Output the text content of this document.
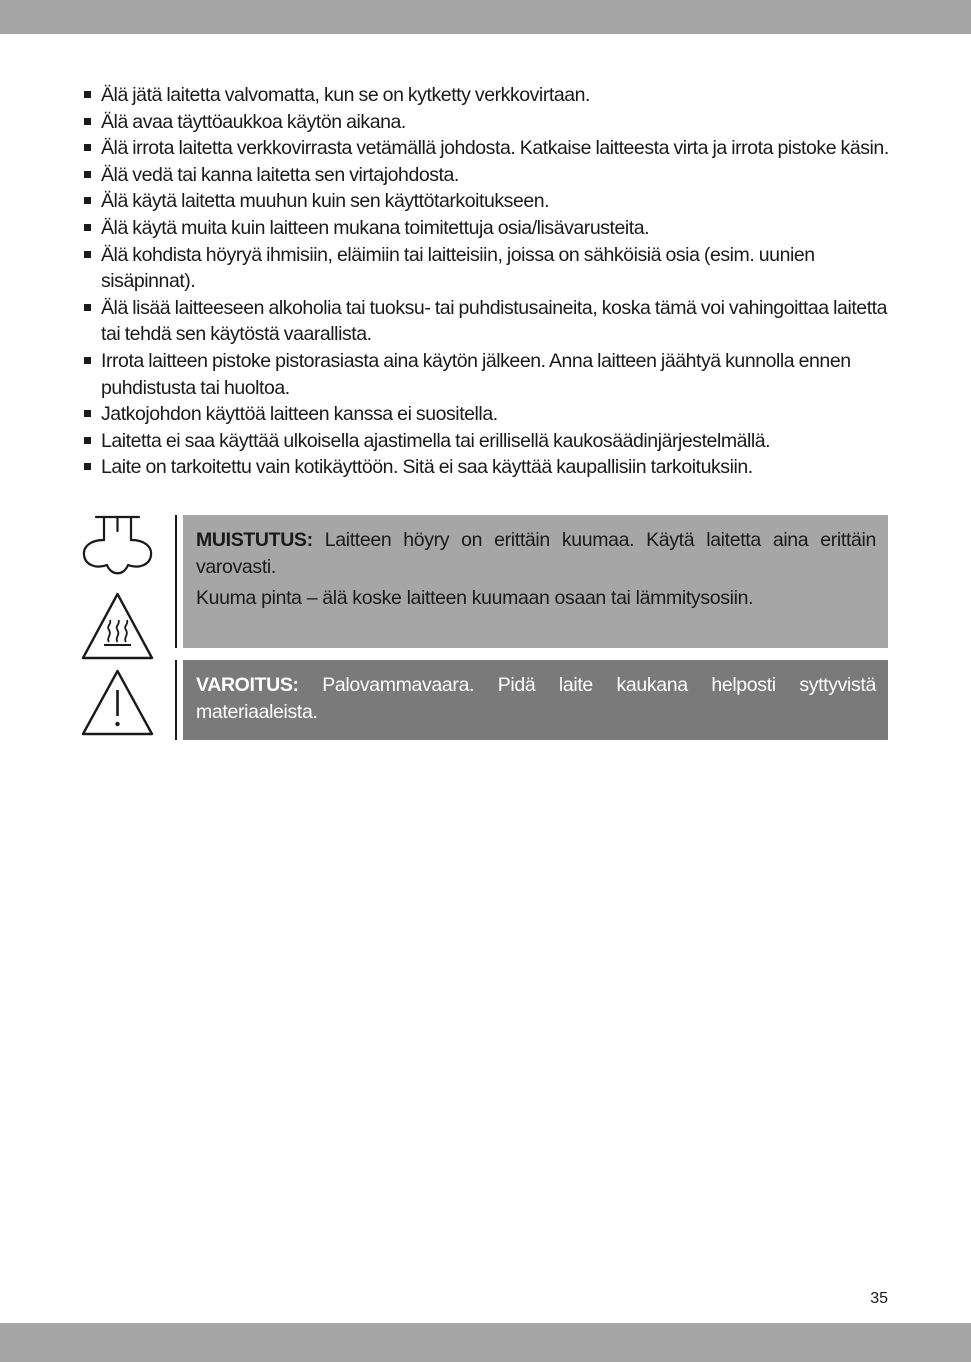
Älä jätä laitetta valvomatta, kun se on kytketty verkkovirtaan.
Älä avaa täyttöaukkoa käytön aikana.
Älä irrota laitetta verkkovirrasta vetämällä johdosta. Katkaise laitteesta virta ja irrota pistoke käsin.
Älä vedä tai kanna laitetta sen virtajohdosta.
Älä käytä laitetta muuhun kuin sen käyttötarkoitukseen.
Älä käytä muita kuin laitteen mukana toimitettuja osia/lisävarusteita.
Älä kohdista höyryä ihmisiin, eläimiin tai laitteisiin, joissa on sähköisiä osia (esim. uunien sisäpinnat).
Älä lisää laitteeseen alkoholia tai tuoksu- tai puhdistusaineita, koska tämä voi vahingoittaa laitetta tai tehdä sen käytöstä vaarallista.
Irrota laitteen pistoke pistorasiasta aina käytön jälkeen. Anna laitteen jäähtyä kunnolla ennen puhdistusta tai huoltoa.
Jatkojohdon käyttöä laitteen kanssa ei suositella.
Laitetta ei saa käyttää ulkoisella ajastimella tai erillisellä kaukosäädinjärjestelmällä.
Laite on tarkoitettu vain kotikäyttöön. Sitä ei saa käyttää kaupallisiin tarkoituksiin.

MUISTUTUS: Laitteen höyry on erittäin kuumaa. Käytä laitetta aina erittäin varovasti.

Kuuma pinta – älä koske laitteen kuumaan osaan tai lämmitysosiin.

VAROITUS: Palovammavaara. Pidä laite kaukana helposti syttyvistä materiaaleista.

35
